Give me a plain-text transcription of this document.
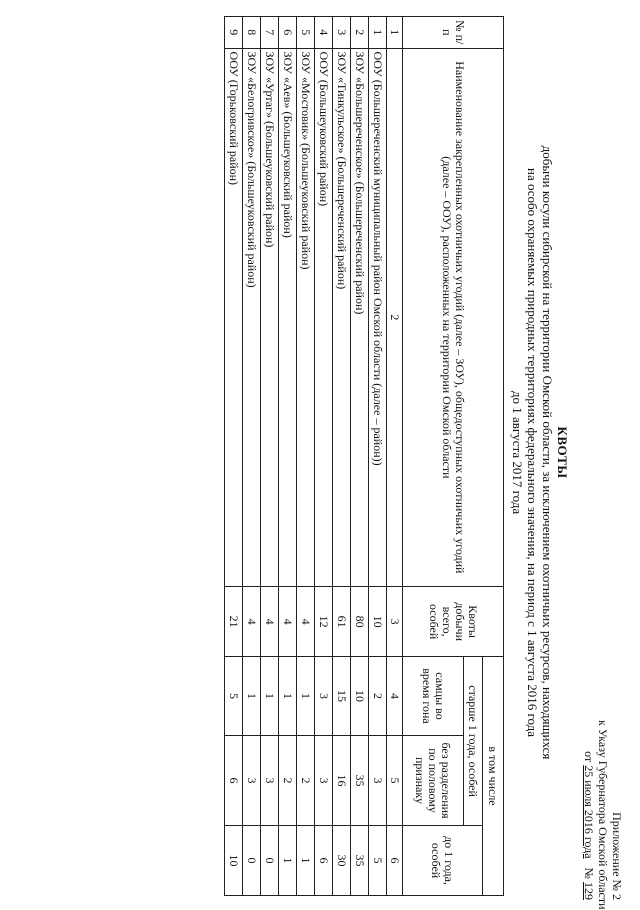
Приложение № 2
к Указу Губернатора Омской области
от 25 июля 2016 года   № 129
КВОТЫ
добычи косули сибирской на территории Омской области, за исключением охотничьих ресурсов, находящихся
на особо охраняемых природных территориях федерального значения, на период с 1 августа 2016 года
до 1 августа 2017 года
№ п/п	Наименование закрепленных охотничьих угодий (далее – ЗОУ), общедоступных охотничьих угодий (далее – ООУ), расположенных на территории Омской области	Квоты добычи всего, особей	в том числе		
			старше 1 года, особей		до 1 года, особей
			самцы во время гона	без разделения по половому признаку	
1	2	3	4	5	6
1	ООУ (Большереченский муниципальный район Омской области (далее – район))	10	2	3	5
2	ЗОУ «Большереченское» (Большереченский район)	80	10	35	35
3	ЗОУ «Тинкульское» (Большереченский район)	61	15	16	30
4	ООУ (Большеуковский район)	12	3	3	6
5	ЗОУ «Мостовик» (Большеуковский район)	4	1	2	1
6	ЗОУ «Аев» (Большеуковский район)	4	1	2	1
7	ЗОУ «Уртаг» (Большеуковский район)	4	1	3	0
8	ЗОУ «Белогривское» (Большеуковский район)	4	1	3	0
9	ООУ (Горьковский район)	21	5	6	10
